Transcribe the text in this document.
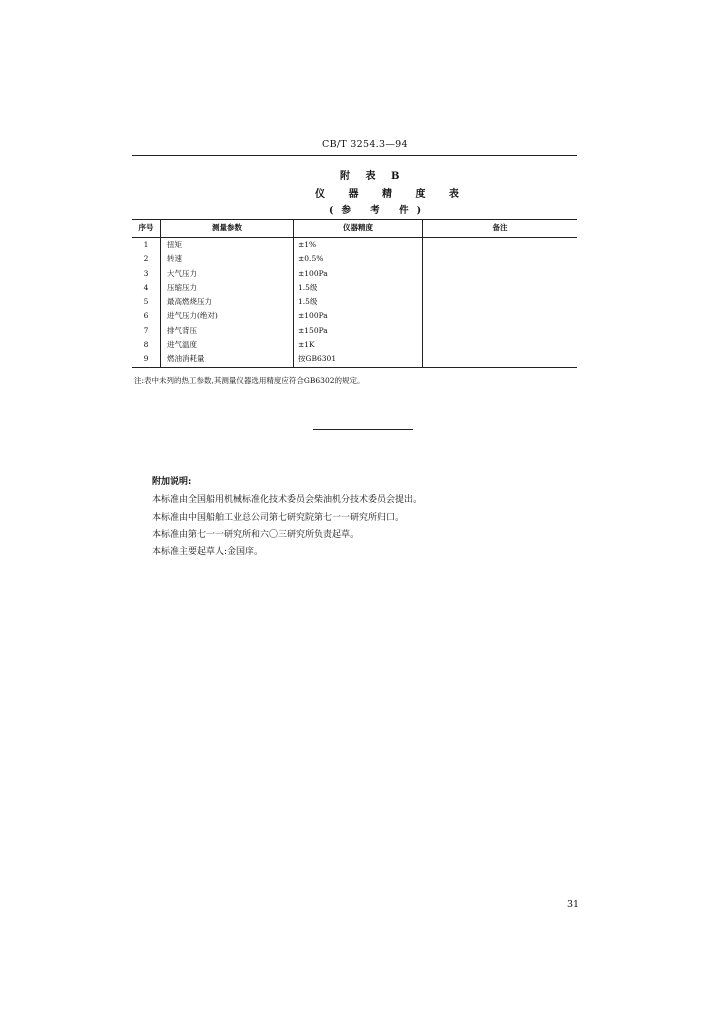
CB/T 3254.3—94
附 表 B
仪 器 精 度 表
(参 考 件)
序号	测量参数	仪器精度	备注
1	扭矩	±1%	
2	转速	±0.5%	
3	大气压力	±100Pa	
4	压缩压力	1.5级	
5	最高燃烧压力	1.5级	
6	进气压力(绝对)	±100Pa	
7	排气背压	±150Pa	
8	进气温度	±1K	
9	燃油消耗量	按GB6301	
注:表中未列的热工参数,其测量仪器选用精度应符合GB6302的规定。
附加说明:
本标准由全国船用机械标准化技术委员会柴油机分技术委员会提出。
本标准由中国船舶工业总公司第七研究院第七一一研究所归口。
本标准由第七一一研究所和六〇三研究所负责起草。
本标准主要起草人:金国庠。
31
